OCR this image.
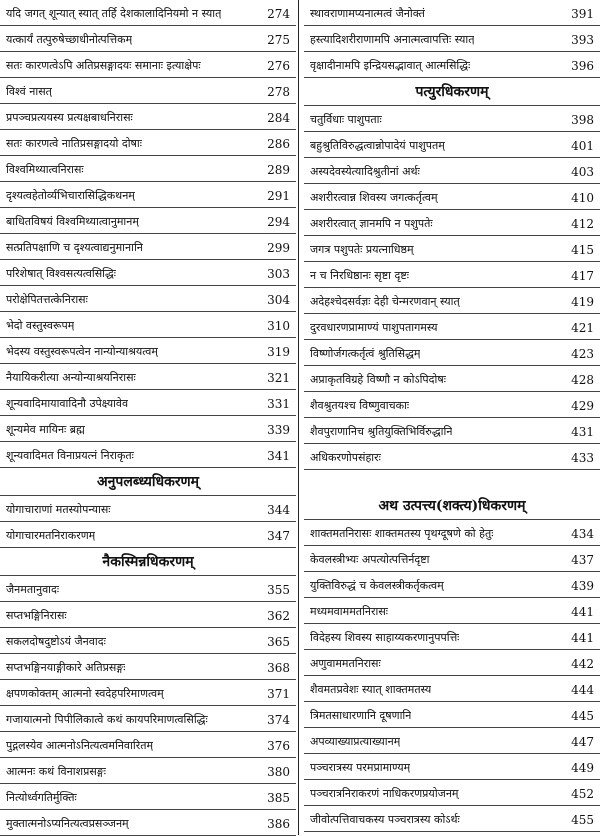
यदि जगत् शून्यात् स्यात् तर्हि देशकालादिनियमो न स्यात्	274
यत्कार्यं तत्पुरुषेच्छाधीनोत्पत्तिकम्	275
सतः कारणत्वेऽपि अतिप्रसङ्गादयः समानाः इत्याक्षेपः	276
विश्वं नासत्	278
प्रपञ्चप्रत्ययस्य प्रत्यक्षबाधनिरासः	284
सतः कारणत्वे नातिप्रसङ्गादयो दोषाः	286
विश्वमिथ्यात्वनिरासः	289
दृश्यत्वहेतोर्व्यभिचारासिद्धिकथनम्	291
बाधितविषयं विश्वमिथ्यात्वानुमानम्	294
सत्प्रतिपक्षाणि च दृश्यत्वाद्यनुमानानि	299
परिशेषात् विश्वसत्यत्वसिद्धिः	303
परोक्षेपितत्तत्केनिरासः	304
भेदो वस्तुस्वरूपम्	310
भेदस्य वस्तुस्वरूपत्वेन नान्योन्याश्रयत्वम्	319
नैयायिकरीत्या अन्योन्याश्रयनिरासः	321
शून्यवादिमायावादिनौ उपेक्ष्यावेव	331
शून्यमेव मायिनः ब्रह्म	339
शून्यवादिमत विनाप्रयत्नं निराकृतः	341
अनुपलब्ध्यधिकरणम्
योगाचाराणां मतस्योपन्यासः	344
योगाचारमतनिराकरणम्	347
नैकस्मिन्नधिकरणम्
जैनमतानुवादः	355
सप्तभङ्गिनिरासः	362
सकलदोषदुष्टोऽयं जैनवादः	365
सप्तभङ्गिनयाङ्गीकारे अतिप्रसङ्गः	368
क्षपणकोक्तम् आत्मनो स्वदेहपरिमाणत्वम्	371
गजायात्मनो पिपीलिकात्वे कथं कायपरिमाणत्वसिद्धिः	374
पुद्गलस्येव आत्मनोऽनित्यत्वमनिवारितम्	376
आत्मनः कथं विनाशप्रसङ्गः	380
नित्योर्ध्वगतिर्मुक्तिः	385
मुक्तात्मनोऽप्यनित्यत्वप्रसञ्जनम्	386
स्थावराणामप्यनात्मत्वं जैनोक्तं	391
हस्त्यादिशरीराणामपि अनात्मत्वापत्तिः स्यात्	393
वृक्षादीनामपि इन्द्रियसद्भावात् आत्मसिद्धिः	396
पत्युरधिकरणम्
चतुर्विधाः पाशुपताः	398
बहुश्रुतिविरुद्धत्वान्नोपादेयं पाशुपतम्	401
अस्यदेवस्येत्यादिश्रुतीनां अर्थः	403
अशरीरत्वान्न शिवस्य जगत्कर्तृत्वम्	410
अशरीरत्वात् ज्ञानमपि न पशुपतेः	412
जगत्र पशुपतेः प्रयत्नाधिष्ठम्	415
न च निरधिष्ठानः सृष्टा दृष्टः	417
अदेहश्चेदसर्वज्ञः देही चेन्मरणवान् स्यात्	419
दुरवधारणप्रामाण्यं पाशुपतागमस्य	421
विष्णोर्जगत्कर्तृत्वं श्रुतिसिद्धम्	423
अप्राकृतविग्रहे विष्णौ न कोऽपिदोषः	428
शैवश्रुतयश्च विष्णुवाचकाः	429
शैवपुराणानिच श्रुतियुक्तिभिर्विरुद्धानि	431
अधिकरणोपसंहारः	433
अथ उत्पत्त्य(शक्त्य)धिकरणम्
शाक्तमतनिरासः शाक्तमतस्य पृथग्दूषणे को हेतुः	434
केवलस्त्रीभ्यः अपत्योत्पत्तिर्नदृष्टा	437
युक्तिविरुद्धं च केवलस्त्रीकर्तृकत्वम्	439
मध्यमवाममतनिरासः	441
विदेहस्य शिवस्य साहाय्यकरणानुपपत्तिः	441
अणुवाममतनिरासः	442
शैवमतप्रवेशः स्यात् शाक्तमतस्य	444
त्रिमतसाधारणानि दूषणानि	445
अपव्याख्याप्रत्याख्यानम्	447
पञ्चरात्रस्य परमप्रामाण्यम्	449
पञ्चरात्रनिराकरणं नाधिकरणप्रयोजनम्	452
जीवोत्पत्तिवाचकस्य पञ्चरात्रस्य कोऽर्थः	455
